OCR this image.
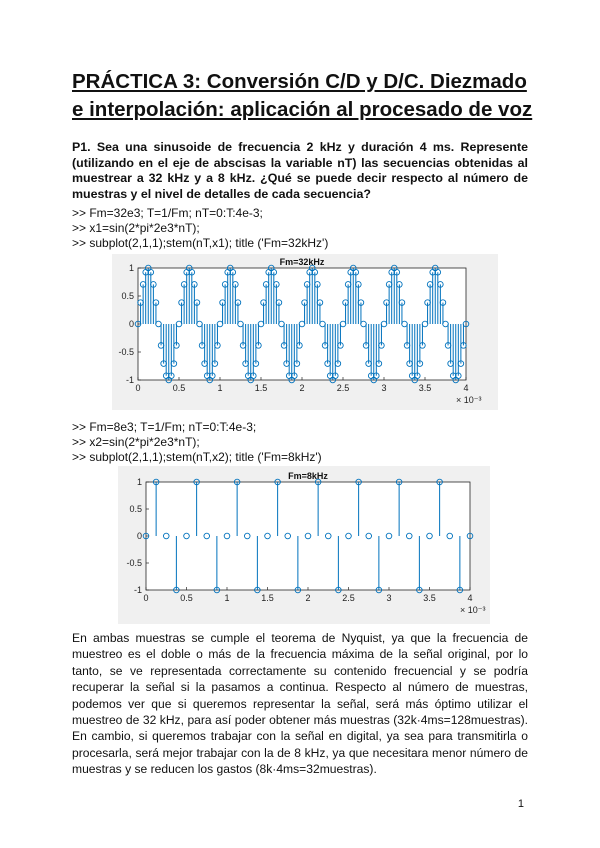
PRÁCTICA 3: Conversión C/D y D/C. Diezmado e interpolación: aplicación al procesado de voz

P1. Sea una sinusoide de frecuencia 2 kHz y duración 4 ms. Represente (utilizando en el eje de abscisas la variable nT) las secuencias obtenidas al muestrear a 32 kHz y a 8 kHz. ¿Qué se puede decir respecto al número de muestras y el nivel de detalles de cada secuencia?

>> Fm=32e3; T=1/Fm; nT=0:T:4e-3;
>> x1=sin(2*pi*2e3*nT);
>> subplot(2,1,1);stem(nT,x1); title ('Fm=32kHz')
Fm=32kHz
1
0.5
0
-0.5
-1
0	0.5	1	1.5	2	2.5	3	3.5	4
× 10⁻³
>> Fm=8e3; T=1/Fm; nT=0:T:4e-3;
>> x2=sin(2*pi*2e3*nT);
>> subplot(2,1,1);stem(nT,x2); title ('Fm=8kHz')
Fm=8kHz
1
0.5
0
-0.5
-1
0	0.5	1	1.5	2	2.5	3	3.5	4
× 10⁻³

En ambas muestras se cumple el teorema de Nyquist, ya que la frecuencia de muestreo es el doble o más de la frecuencia máxima de la señal original, por lo tanto, se ve representada correctamente su contenido frecuencial y se podría recuperar la señal si la pasamos a continua. Respecto al número de muestras, podemos ver que si queremos representar la señal, será más óptimo utilizar el muestreo de 32 kHz, para así poder obtener más muestras (32k·4ms=128muestras). En cambio, si queremos trabajar con la señal en digital, ya sea para transmitirla o procesarla, será mejor trabajar con la de 8 kHz, ya que necesitara menor número de muestras y se reducen los gastos (8k·4ms=32muestras).

1
